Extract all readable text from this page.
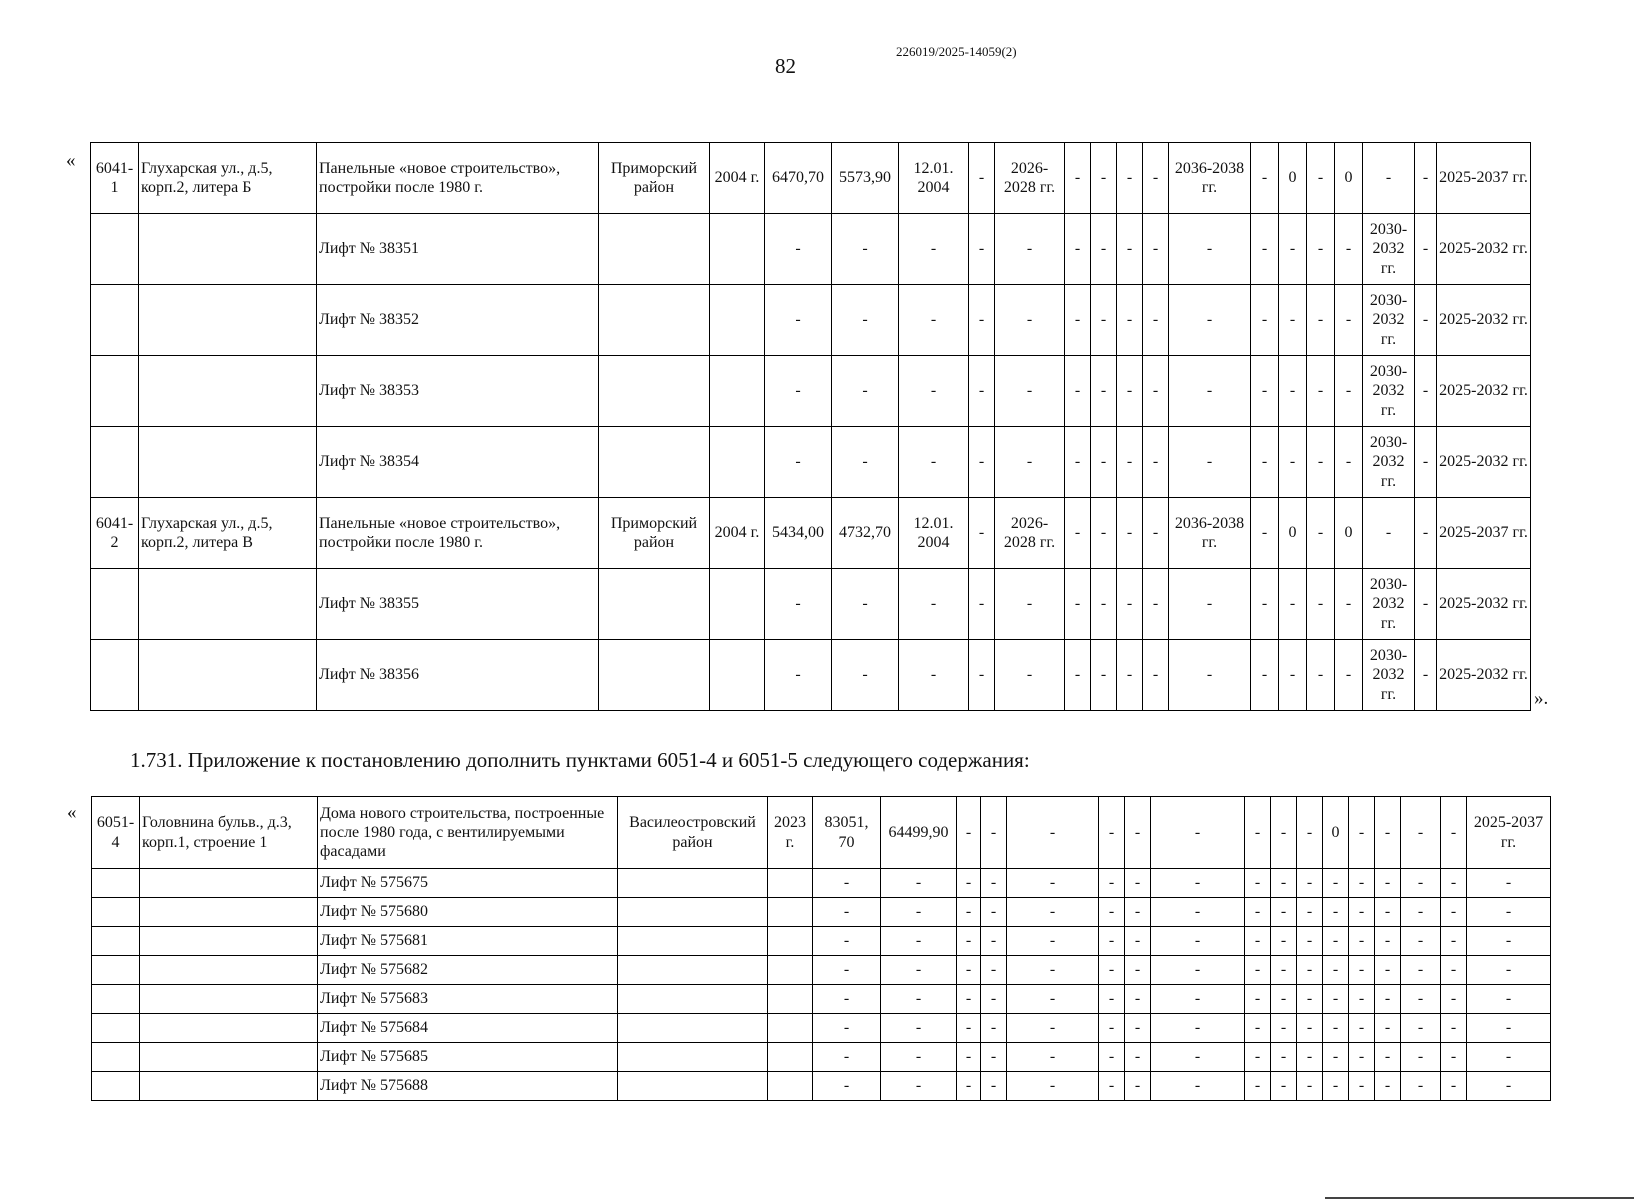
82
226019/2025-14059(2)
« 6041-1	Глухарская ул., д.5, корп.2, литера Б	Панельные «новое строительство», постройки после 1980 г.	Приморский район	2004 г.	6470,70	5573,90	12.01. 2004	-	2026-2028 гг.	-	-	-	-	2036-2038 гг.	-	0	-	0	-	-	2025-2037 гг.
		Лифт № 38351			-	-	-	-	-	-	-	-	-	-	-	-	-	-	2030-2032 гг.	-	2025-2032 гг.
		Лифт № 38352			-	-	-	-	-	-	-	-	-	-	-	-	-	-	2030-2032 гг.	-	2025-2032 гг.
		Лифт № 38353			-	-	-	-	-	-	-	-	-	-	-	-	-	-	2030-2032 гг.	-	2025-2032 гг.
		Лифт № 38354			-	-	-	-	-	-	-	-	-	-	-	-	-	-	2030-2032 гг.	-	2025-2032 гг.
6041-2	Глухарская ул., д.5, корп.2, литера В	Панельные «новое строительство», постройки после 1980 г.	Приморский район	2004 г.	5434,00	4732,70	12.01. 2004	-	2026-2028 гг.	-	-	-	-	2036-2038 гг.	-	0	-	0	-	-	2025-2037 гг.
		Лифт № 38355			-	-	-	-	-	-	-	-	-	-	-	-	-	-	2030-2032 гг.	-	2025-2032 гг.
		Лифт № 38356			-	-	-	-	-	-	-	-	-	-	-	-	-	-	2030-2032 гг.	-	2025-2032 гг.
».
1.731. Приложение к постановлению дополнить пунктами 6051-4 и 6051-5 следующего содержания:
« 6051-4	Головнина бульв., д.3, корп.1, строение 1	Дома нового строительства, построенные после 1980 года, с вентилируемыми фасадами	Василеостровский район	2023 г.	83051, 70	64499,90	-	-	-	-	-	-	-	-	-	0	-	-	-	-	2025-2037 гг.
		Лифт № 575675			-	-	-	-	-	-	-	-	-	-	-	-	-	-	-	-	-
		Лифт № 575680			-	-	-	-	-	-	-	-	-	-	-	-	-	-	-	-	-
		Лифт № 575681			-	-	-	-	-	-	-	-	-	-	-	-	-	-	-	-	-
		Лифт № 575682			-	-	-	-	-	-	-	-	-	-	-	-	-	-	-	-	-
		Лифт № 575683			-	-	-	-	-	-	-	-	-	-	-	-	-	-	-	-	-
		Лифт № 575684			-	-	-	-	-	-	-	-	-	-	-	-	-	-	-	-	-
		Лифт № 575685			-	-	-	-	-	-	-	-	-	-	-	-	-	-	-	-	-
		Лифт № 575688			-	-	-	-	-	-	-	-	-	-	-	-	-	-	-	-	-
